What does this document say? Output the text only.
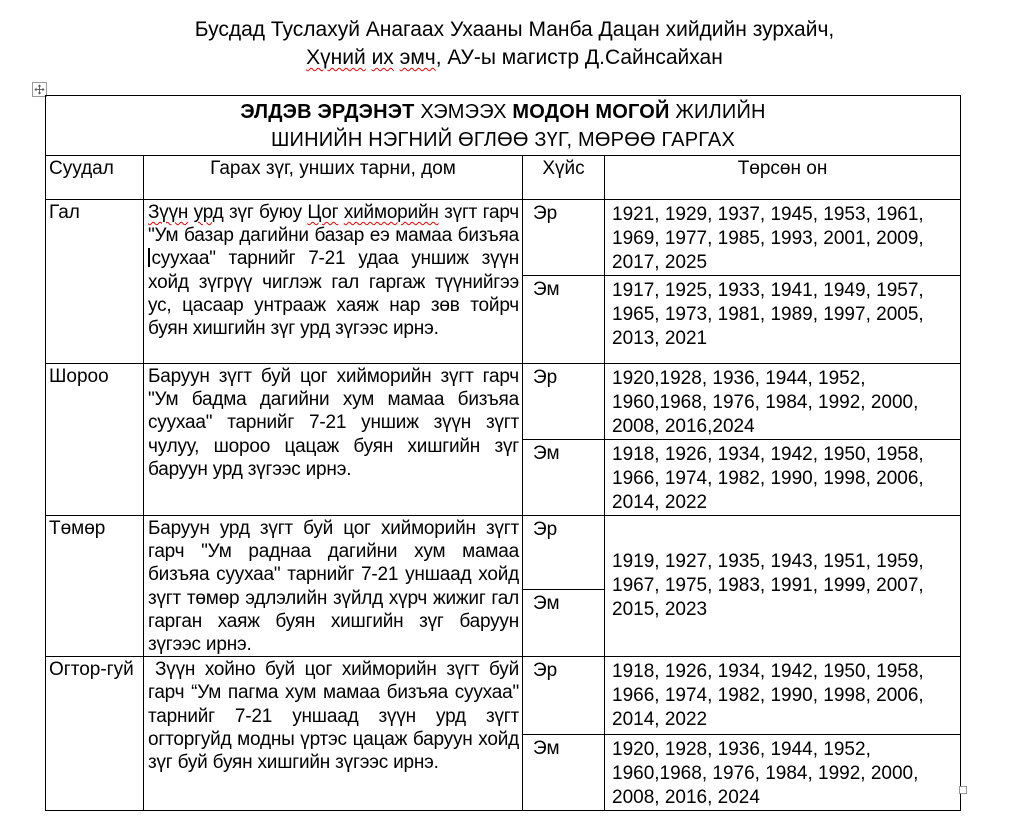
Бусдад Туслахуй Анагаах Ухааны Манба Дацан хийдийн зурхайч,
Хүний их эмч, АУ-ы магистр Д.Сайнсайхан
ЭЛДЭВ ЭРДЭНЭТ ХЭМЭЭХ МОДОН МОГОЙ ЖИЛИЙН
ШИНИЙН НЭГНИЙ ӨГЛӨӨ ЗҮГ, МӨРӨӨ ГАРГАХ			

Суудал	Гарах зүг, унших тарни, дом	Хүйс	Төрсөн он
Гал	Зүүн урд зүг буюу Цог хийморийн зүгт гарч "Ум базар дагийни базар еэ мамаа бизъяа суухаа" тарнийг 7-21 удаа уншиж зүүн хойд зүгрүү чиглэж гал гаргаж түүнийгээ ус, цасаар унтрааж хаяж нар зөв тойрч буян хишгийн зүг урд зүгээс ирнэ.	Эр	1921, 1929, 1937, 1945, 1953, 1961, 1969, 1977, 1985, 1993, 2001, 2009, 2017, 2025
		Эм	1917, 1925, 1933, 1941, 1949, 1957, 1965, 1973, 1981, 1989, 1997, 2005, 2013, 2021
Шороо	Баруун зүгт буй цог хийморийн зүгт гарч "Ум бадма дагийни хум мамаа бизъяа суухаа" тарнийг 7-21 уншиж зүүн зүгт чулуу, шороо цацаж буян хишгийн зүг баруун урд зүгээс ирнэ.	Эр	1920,1928, 1936, 1944, 1952, 1960,1968, 1976, 1984, 1992, 2000, 2008, 2016,2024
		Эм	1918, 1926, 1934, 1942, 1950, 1958, 1966, 1974, 1982, 1990, 1998, 2006, 2014, 2022
Төмөр	Баруун урд зүгт буй цог хийморийн зүгт гарч "Ум раднаа дагийни хум мамаа бизъяа суухаа" тарнийг 7-21 уншаад хойд зүгт төмөр эдлэлийн зүйлд хүрч жижиг гал гарган хаяж буян хишгийн зүг баруун зүгээс ирнэ.	Эр	1919, 1927, 1935, 1943, 1951, 1959, 1967, 1975, 1983, 1991, 1999, 2007, 2015, 2023
		Эм	
Огтор-гуй	Зүүн хойно буй цог хийморийн зүгт буй гарч “Ум пагма хум мамаа бизъяа суухаа" тарнийг 7-21 уншаад зүүн урд зүгт огторгуйд модны үртэс цацаж баруун хойд зүг буй буян хишгийн зүгээс ирнэ.	Эр	1918, 1926, 1934, 1942, 1950, 1958, 1966, 1974, 1982, 1990, 1998, 2006, 2014, 2022
		Эм	1920, 1928, 1936, 1944, 1952, 1960,1968, 1976, 1984, 1992, 2000, 2008, 2016, 2024
